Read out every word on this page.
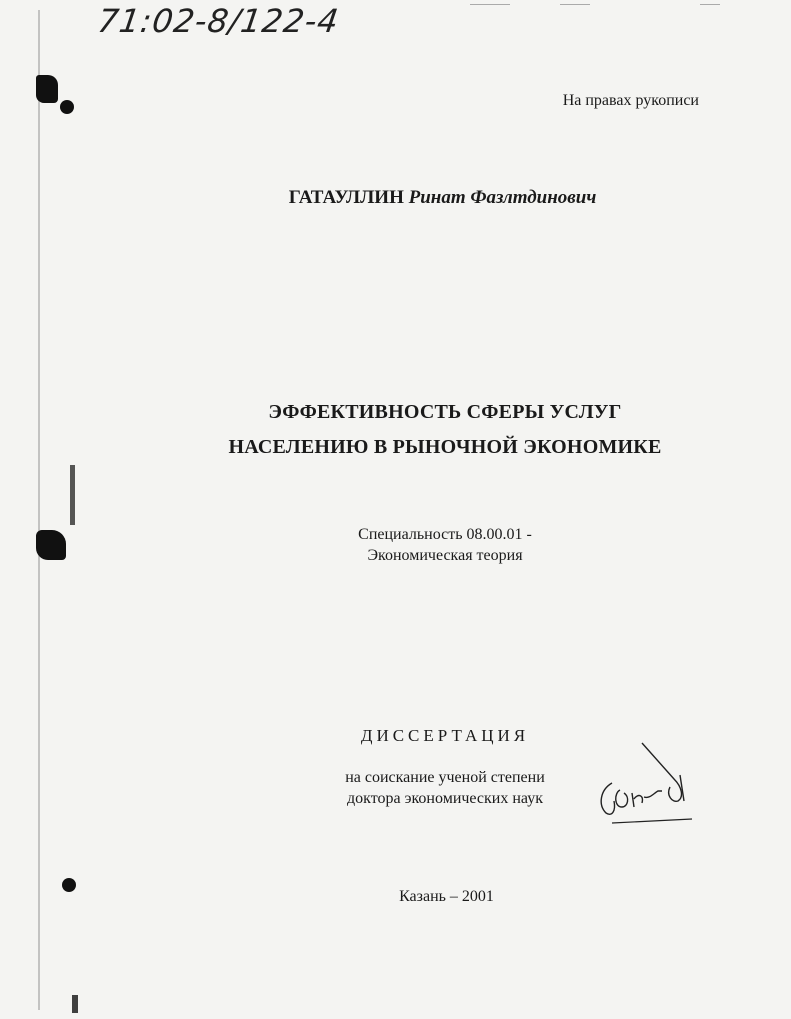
71:02-8/122-4
На правах рукописи
ГАТАУЛЛИН Ринат Фазлтдинович
ЭФФЕКТИВНОСТЬ СФЕРЫ УСЛУГ
НАСЕЛЕНИЮ В РЫНОЧНОЙ ЭКОНОМИКЕ
Специальность 08.00.01 -
Экономическая теория
ДИССЕРТАЦИЯ
на соискание ученой степени
доктора экономических наук
Казань – 2001
